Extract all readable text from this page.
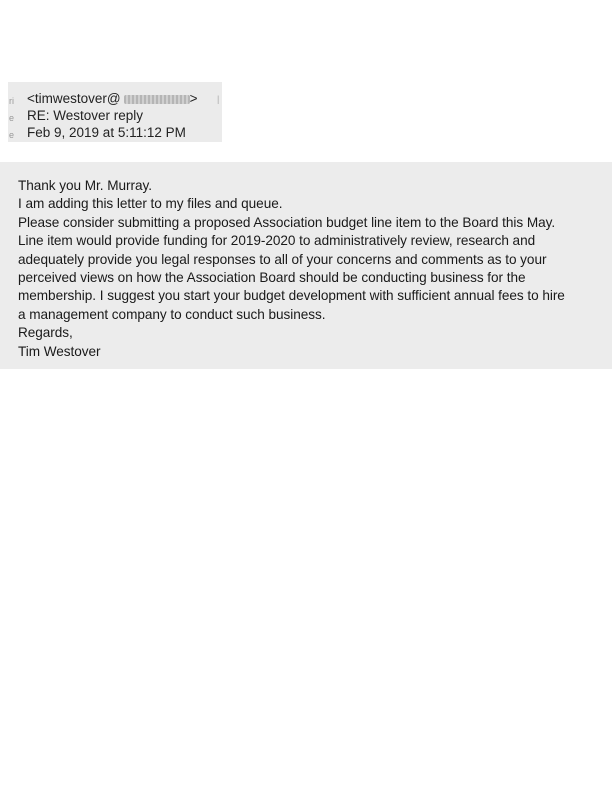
ri
e
e
<timwestover@	> |
RE: Westover reply
Feb 9, 2019 at 5:11:12 PM

Thank you Mr. Murray.

I am adding this letter to my files and queue.

Please consider submitting a proposed Association budget line item to the Board this May.

Line item would provide funding for 2019-2020 to administratively review, research and

adequately provide you legal responses to all of your concerns and comments as to your

perceived views on how the Association Board should be conducting business for the

membership. I suggest you start your budget development with sufficient annual fees to hire

a management company to conduct such business.

Regards,

Tim Westover
